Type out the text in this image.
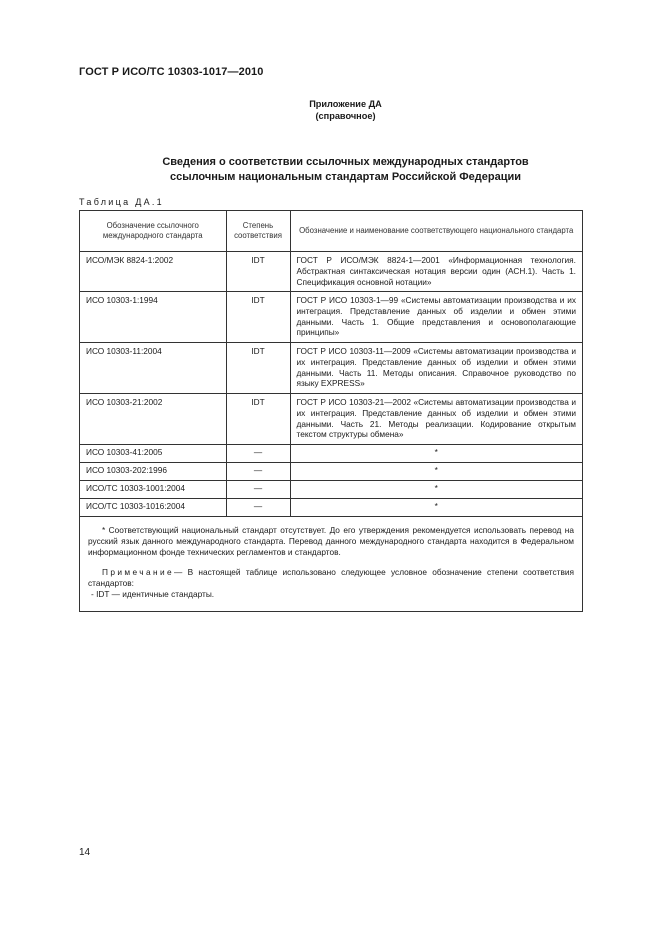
ГОСТ Р ИСО/ТС 10303-1017—2010
Приложение ДА
(справочное)
Сведения о соответствии ссылочных международных стандартов
ссылочным национальным стандартам Российской Федерации
Таблица ДА.1
Обозначение ссылочного международного стандарта	Степень соответствия	Обозначение и наименование соответствующего национального стандарта
ИСО/МЭК 8824-1:2002	IDT	ГОСТ Р ИСО/МЭК 8824-1—2001 «Информационная технология. Абстрактная синтаксическая нотация версии один (АСН.1). Часть 1. Спецификация основной нотации»
ИСО 10303-1:1994	IDT	ГОСТ Р ИСО 10303-1—99 «Системы автоматизации производства и их интеграция. Представление данных об изделии и обмен этими данными. Часть 1. Общие представления и основополагающие принципы»
ИСО 10303-11:2004	IDT	ГОСТ Р ИСО 10303-11—2009 «Системы автоматизации производства и их интеграция. Представление данных об изделии и обмен этими данными. Часть 11. Методы описания. Справочное руководство по языку EXPRESS»
ИСО 10303-21:2002	IDT	ГОСТ Р ИСО 10303-21—2002 «Системы автоматизации производства и их интеграция. Представление данных об изделии и обмен этими данными. Часть 21. Методы реализации. Кодирование открытым текстом структуры обмена»
ИСО 10303-41:2005	—	*
ИСО 10303-202:1996	—	*
ИСО/ТС 10303-1001:2004	—	*
ИСО/ТС 10303-1016:2004	—	*

* Соответствующий национальный стандарт отсутствует. До его утверждения рекомендуется использовать перевод на русский язык данного международного стандарта. Перевод данного международного стандарта находится в Федеральном информационном фонде технических регламентов и стандартов.

Примечание— В настоящей таблице использовано следующее условное обозначение степени соответствия стандартов:

- IDT — идентичные стандарты.		

14
